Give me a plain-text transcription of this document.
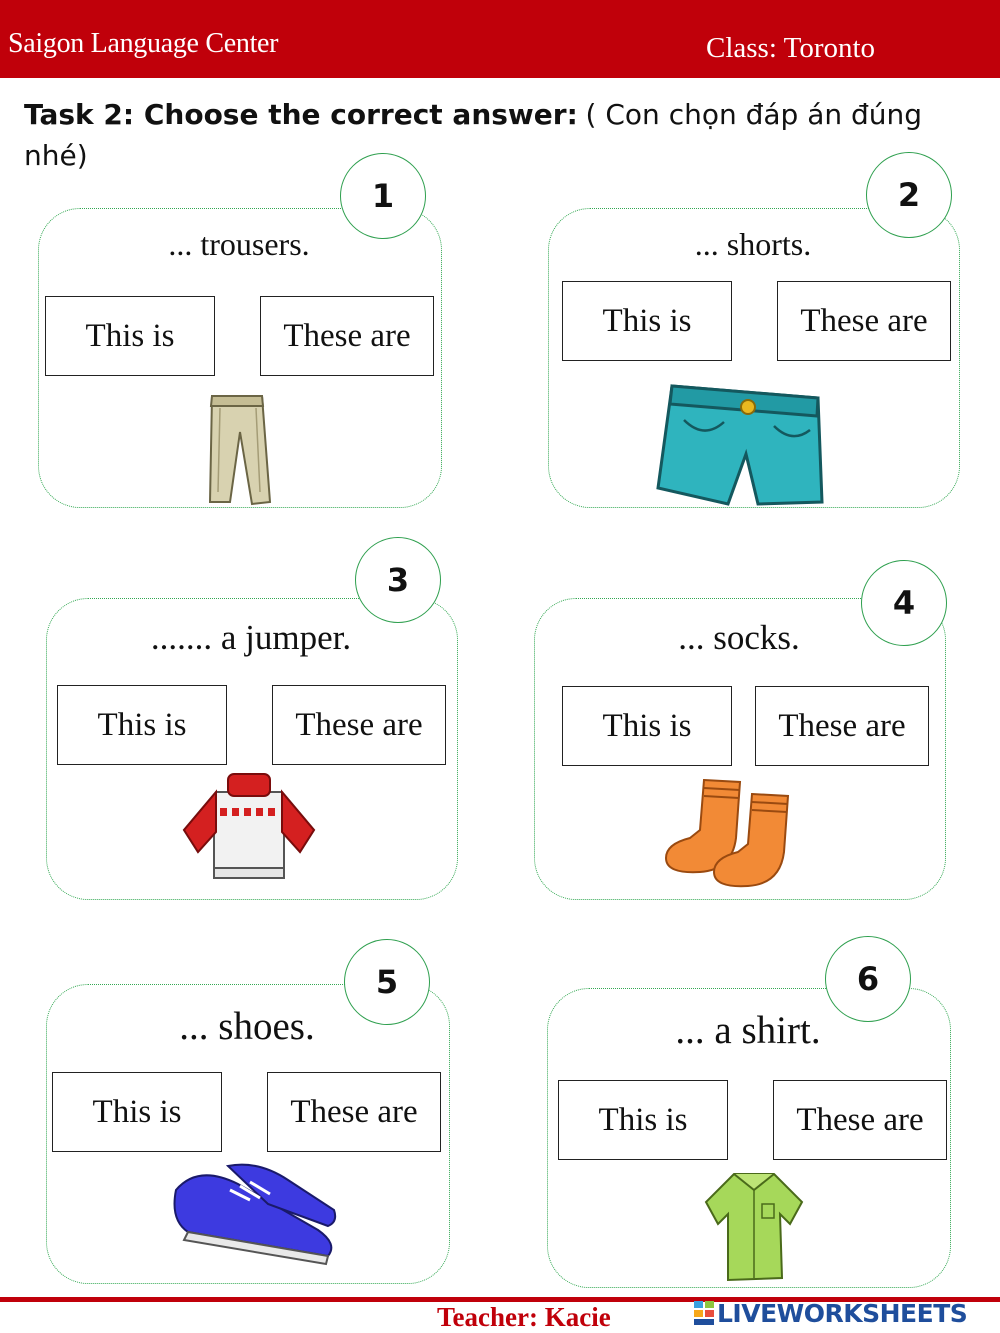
Saigon Language Center	Class: Toronto
Task 2: Choose the correct answer: ( Con chọn đáp án đúng nhé)
1
... trousers.
This is	These are
2
... shorts.
This is	These are
3
....... a jumper.
This is	These are
4
... socks.
This is	These are
5
... shoes.
This is	These are
6
... a shirt.
This is	These are
Teacher: Kacie	LIVEWORKSHEETS
